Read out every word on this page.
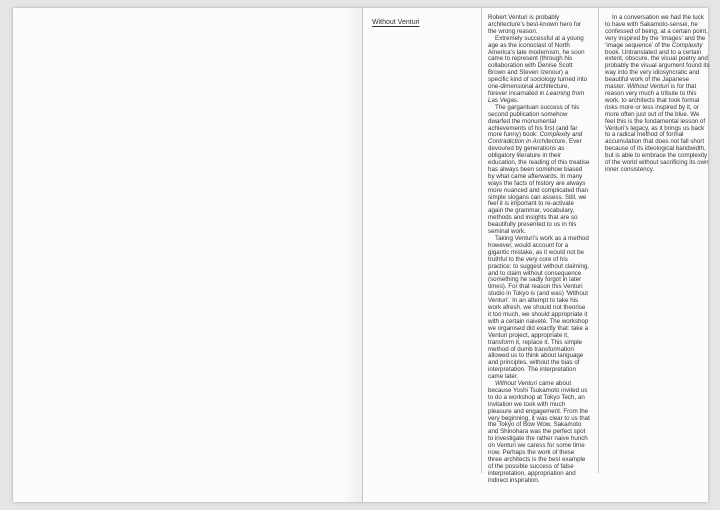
Without Venturi

Robert Venturi is probably architecture’s best-known hero for the wrong reason.

Extremely successful at a young age as the iconoclast of North America’s late modernism, he soon came to represent (through his collaboration with Denise Scott Brown and Steven Izenour) a specific kind of sociology turned into one-dimensional architecture, forever incarnated in Learning from Las Vegas.

The gargantuan success of his second publication somehow dwarfed the monumental achievements of his first (and far more funny) book: Complexity and Contradiction in Architecture. Ever devoured by generations as obligatory literature in their education, the reading of this treatise has always been somehow biased by what came afterwards. In many ways the facts of history are always more nuanced and complicated than simple slogans can assess. Still, we feel it is important to re-activate again the grammar, vocabulary, methods and insights that are so beautifully presented to us in his seminal work.

Taking Venturi’s work as a method however, would account for a gigantic mistake, as it would not be truthful to the very core of his practice: to suggest without claiming, and to claim without consequence (something he sadly forgot in later times). For that reason this Venturi studio in Tokyo is (and was) ‘Without Venturi’. In an attempt to take his work afresh, we should not theorise it too much, we should appropriate it with a certain naiveté. The workshop we organised did exactly that: take a Venturi project, appropriate it, transform it, replace it. This simple method of dumb transformation allowed us to think about language and principles, without the bias of interpretation. The interpretation came later.

Without Venturi came about because Yoshi Tsukamoto invited us to do a workshop at Tokyo Tech, an invitation we took with much pleasure and engagement. From the very beginning, it was clear to us that the Tokyo of Bow Wow, Sakamoto and Shinohara was the perfect spot to investigate the rather naive hunch on Venturi we caress for some time now. Perhaps the work of these three architects is the best example of the possible success of false interpretation, appropriation and indirect inspiration.

In a conversation we had the luck to have with Sakamoto-sensei, he confessed of being, at a certain point, very inspired by the ‘images’ and the ‘image sequence’ of the Complexity book. Untranslated and to a certain extent, obscure, the visual poetry and probably the visual argument found its way into the very idiosyncratic and beautiful work of the Japanese master. Without Venturi is for that reason very much a tribute to this work, to architects that took formal risks more or less inspired by it, or more often just out of the blue. We feel this is the fundamental lesson of Venturi’s legacy, as it brings us back to a radical method of formal accumulation that does not fall short because of its ideological bandwidth, but is able to embrace the complexity of the world without sacrificing its own inner consistency.
